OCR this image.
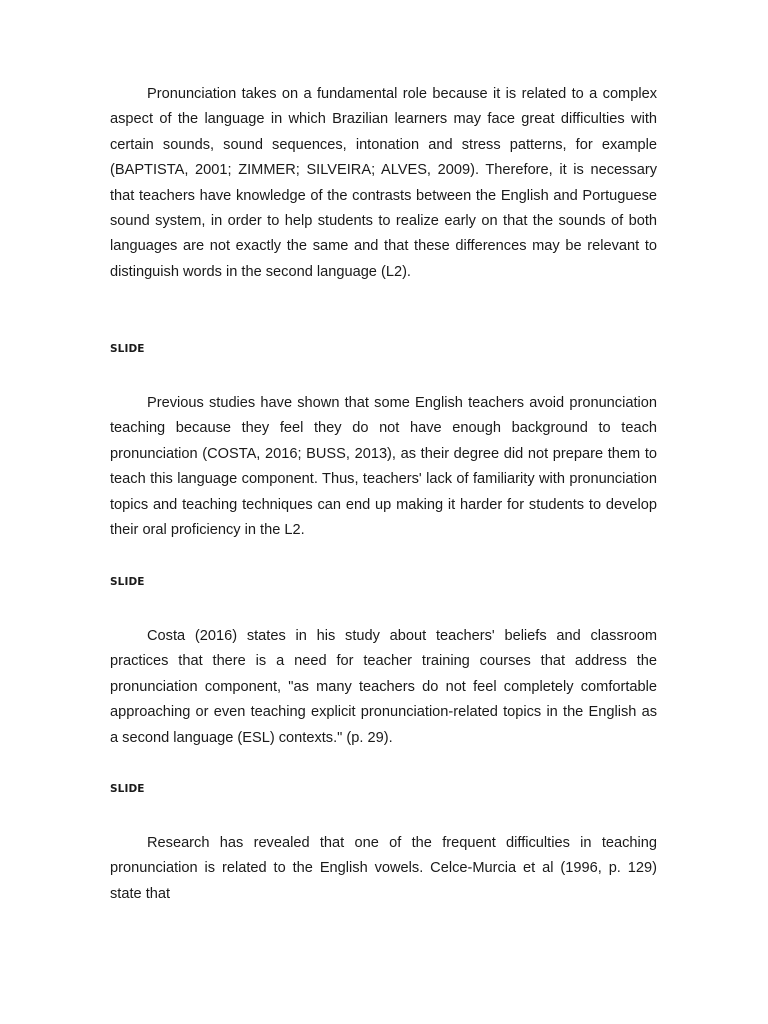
Pronunciation takes on a fundamental role because it is related to a complex aspect of the language in which Brazilian learners may face great difficulties with certain sounds, sound sequences, intonation and stress patterns, for example (BAPTISTA, 2001; ZIMMER; SILVEIRA; ALVES, 2009). Therefore, it is necessary that teachers have knowledge of the contrasts between the English and Portuguese sound system, in order to help students to realize early on that the sounds of both languages are not exactly the same and that these differences may be relevant to distinguish words in the second language (L2).

SLIDE

Previous studies have shown that some English teachers avoid pronunciation teaching because they feel they do not have enough background to teach pronunciation (COSTA, 2016; BUSS, 2013), as their degree did not prepare them to teach this language component. Thus, teachers' lack of familiarity with pronunciation topics and teaching techniques can end up making it harder for students to develop their oral proficiency in the L2.

SLIDE

Costa (2016) states in his study about teachers' beliefs and classroom practices that there is a need for teacher training courses that address the pronunciation component, "as many teachers do not feel completely comfortable approaching or even teaching explicit pronunciation-related topics in the English as a second language (ESL) contexts." (p. 29).

SLIDE

Research has revealed that one of the frequent difficulties in teaching pronunciation is related to the English vowels. Celce-Murcia et al (1996, p. 129) state that
